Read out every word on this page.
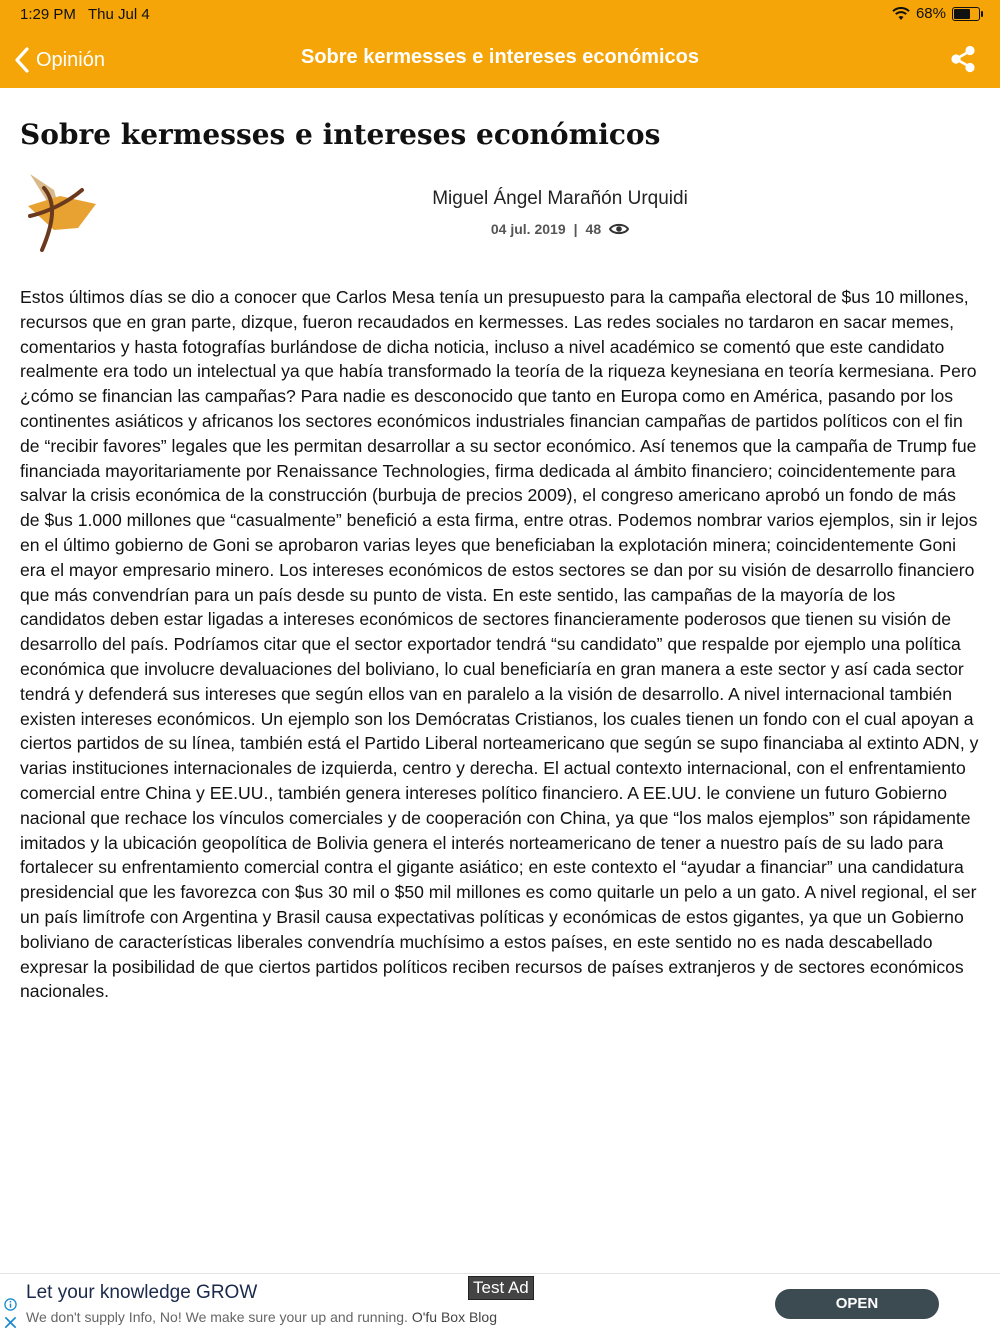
1:29 PM Thu Jul 4	68%
Opinión	Sobre kermesses e intereses económicos
Sobre kermesses e intereses económicos
Miguel Ángel Marañón Urquidi
04 jul. 2019 | 48
Estos últimos días se dio a conocer que Carlos Mesa tenía un presupuesto para la campaña electoral de $us 10 millones, recursos que en gran parte, dizque, fueron recaudados en kermesses. Las redes sociales no tardaron en sacar memes, comentarios y hasta fotografías burlándose de dicha noticia, incluso a nivel académico se comentó que este candidato realmente era todo un intelectual ya que había transformado la teoría de la riqueza keynesiana en teoría kermesiana. Pero ¿cómo se financian las campañas? Para nadie es desconocido que tanto en Europa como en América, pasando por los continentes asiáticos y africanos los sectores económicos industriales financian campañas de partidos políticos con el fin de “recibir favores” legales que les permitan desarrollar a su sector económico. Así tenemos que la campaña de Trump fue financiada mayoritariamente por Renaissance Technologies, firma dedicada al ámbito financiero; coincidentemente para salvar la crisis económica de la construcción (burbuja de precios 2009), el congreso americano aprobó un fondo de más de $us 1.000 millones que “casualmente” benefició a esta firma, entre otras. Podemos nombrar varios ejemplos, sin ir lejos en el último gobierno de Goni se aprobaron varias leyes que beneficiaban la explotación minera; coincidentemente Goni era el mayor empresario minero. Los intereses económicos de estos sectores se dan por su visión de desarrollo financiero que más convendrían para un país desde su punto de vista. En este sentido, las campañas de la mayoría de los candidatos deben estar ligadas a intereses económicos de sectores financieramente poderosos que tienen su visión de desarrollo del país. Podríamos citar que el sector exportador tendrá “su candidato” que respalde por ejemplo una política económica que involucre devaluaciones del boliviano, lo cual beneficiaría en gran manera a este sector y así cada sector tendrá y defenderá sus intereses que según ellos van en paralelo a la visión de desarrollo. A nivel internacional también existen intereses económicos. Un ejemplo son los Demócratas Cristianos, los cuales tienen un fondo con el cual apoyan a ciertos partidos de su línea, también está el Partido Liberal norteamericano que según se supo financiaba al extinto ADN, y varias instituciones internacionales de izquierda, centro y derecha. El actual contexto internacional, con el enfrentamiento comercial entre China y EE.UU., también genera intereses político financiero. A EE.UU. le conviene un futuro Gobierno nacional que rechace los vínculos comerciales y de cooperación con China, ya que “los malos ejemplos” son rápidamente imitados y la ubicación geopolítica de Bolivia genera el interés norteamericano de tener a nuestro país de su lado para fortalecer su enfrentamiento comercial contra el gigante asiático; en este contexto el “ayudar a financiar” una candidatura presidencial que les favorezca con $us 30 mil o $50 mil millones es como quitarle un pelo a un gato. A nivel regional, el ser un país limítrofe con Argentina y Brasil causa expectativas políticas y económicas de estos gigantes, ya que un Gobierno boliviano de características liberales convendría muchísimo a estos países, en este sentido no es nada descabellado expresar la posibilidad de que ciertos partidos políticos reciben recursos de países extranjeros y de sectores económicos nacionales.
Let your knowledge GROW
We don't supply Info, No! We make sure your up and running. O'fu Box Blog
Test Ad
OPEN
